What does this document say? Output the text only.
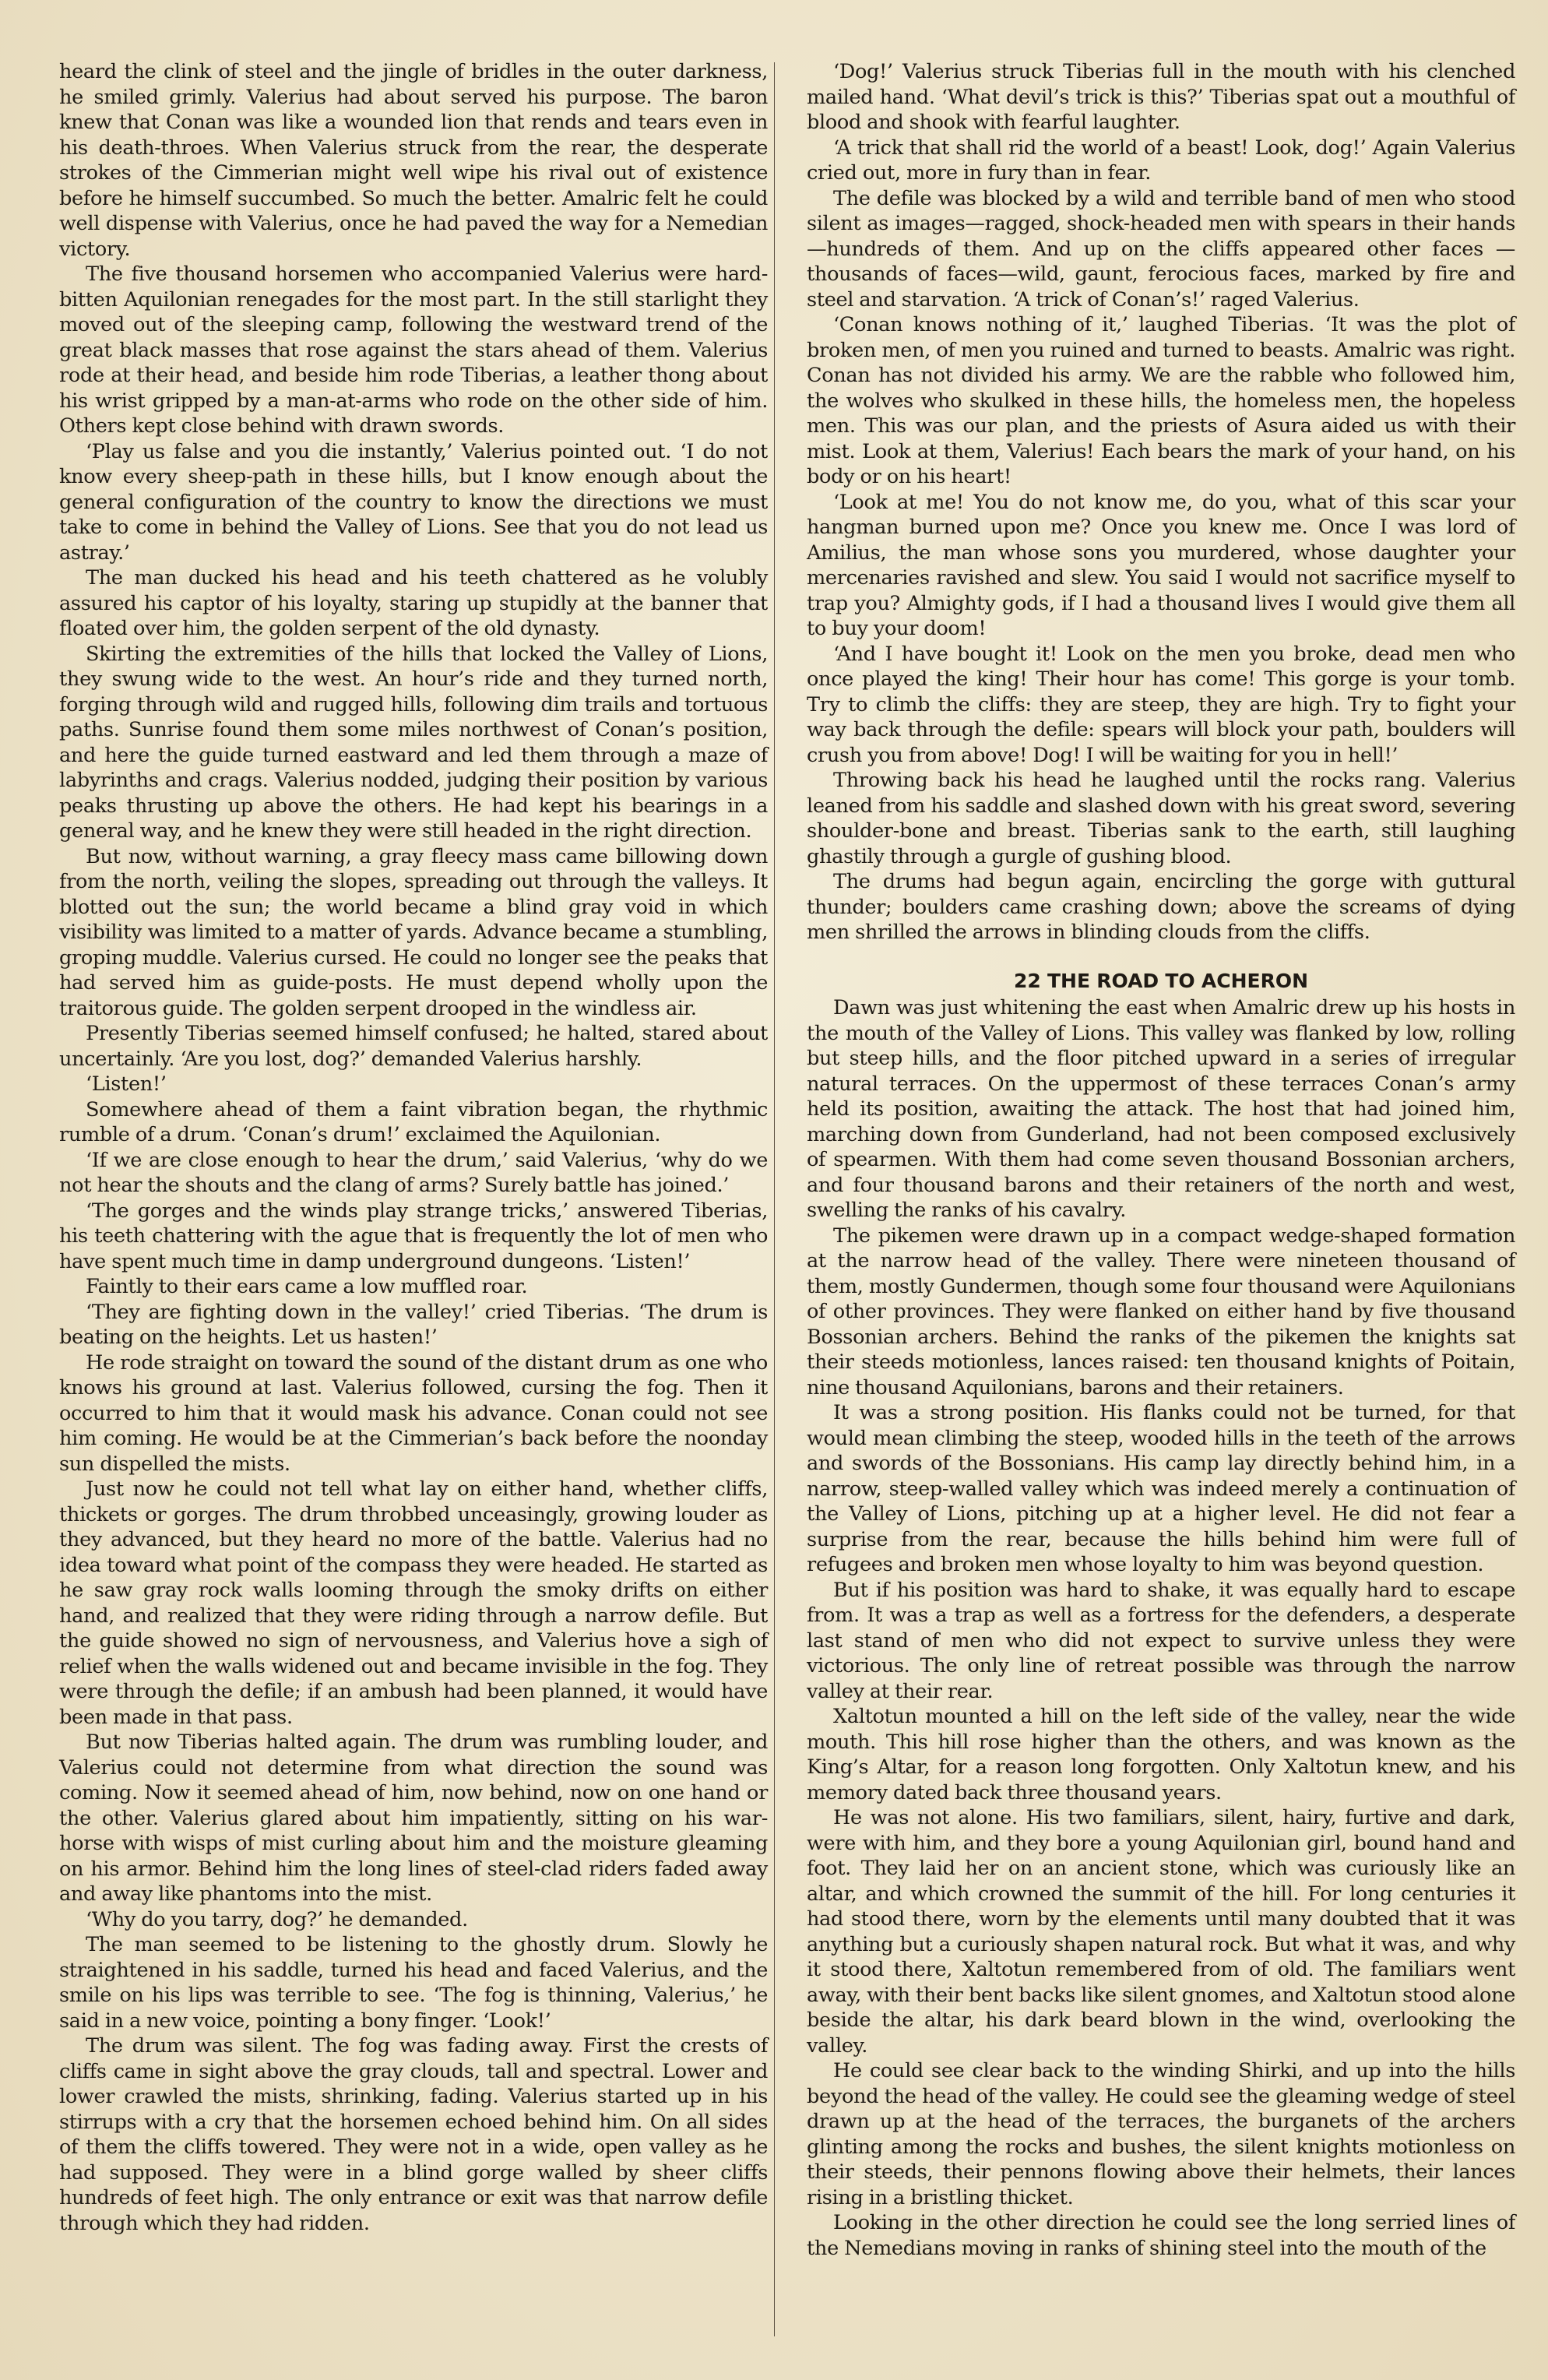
heard the clink of steel and the jingle of bridles in the outer darkness, he smiled grimly. Valerius had about served his purpose. The baron knew that Conan was like a wounded lion that rends and tears even in his death-throes. When Valerius struck from the rear, the desperate strokes of the Cimmerian might well wipe his rival out of existence before he himself succumbed. So much the better. Amalric felt he could well dispense with Valerius, once he had paved the way for a Nemedian victory.

The five thousand horsemen who accompanied Valerius were hard-bitten Aquilonian renegades for the most part. In the still starlight they moved out of the sleeping camp, following the westward trend of the great black masses that rose against the stars ahead of them. Valerius rode at their head, and beside him rode Tiberias, a leather thong about his wrist gripped by a man-at-arms who rode on the other side of him. Others kept close behind with drawn swords.

‘Play us false and you die instantly,’ Valerius pointed out. ‘I do not know every sheep-path in these hills, but I know enough about the general configuration of the country to know the directions we must take to come in behind the Valley of Lions. See that you do not lead us astray.’

The man ducked his head and his teeth chattered as he volubly assured his captor of his loyalty, staring up stupidly at the banner that floated over him, the golden serpent of the old dynasty.

Skirting the extremities of the hills that locked the Valley of Lions, they swung wide to the west. An hour’s ride and they turned north, forging through wild and rugged hills, following dim trails and tortuous paths. Sunrise found them some miles northwest of Conan’s position, and here the guide turned eastward and led them through a maze of labyrinths and crags. Valerius nodded, judging their position by various peaks thrusting up above the others. He had kept his bearings in a general way, and he knew they were still headed in the right direction.

But now, without warning, a gray fleecy mass came billowing down from the north, veiling the slopes, spreading out through the valleys. It blotted out the sun; the world became a blind gray void in which visibility was limited to a matter of yards. Advance became a stumbling, groping muddle. Valerius cursed. He could no longer see the peaks that had served him as guide-posts. He must depend wholly upon the traitorous guide. The golden serpent drooped in the windless air.

Presently Tiberias seemed himself confused; he halted, stared about uncertainly. ‘Are you lost, dog?’ demanded Valerius harshly.

‘Listen!’

Somewhere ahead of them a faint vibration began, the rhythmic rumble of a drum. ‘Conan’s drum!’ exclaimed the Aquilonian.

‘If we are close enough to hear the drum,’ said Valerius, ‘why do we not hear the shouts and the clang of arms? Surely battle has joined.’

‘The gorges and the winds play strange tricks,’ answered Tiberias, his teeth chattering with the ague that is frequently the lot of men who have spent much time in damp underground dungeons. ‘Listen!’

Faintly to their ears came a low muffled roar.

‘They are fighting down in the valley!’ cried Tiberias. ‘The drum is beating on the heights. Let us hasten!’

He rode straight on toward the sound of the distant drum as one who knows his ground at last. Valerius followed, cursing the fog. Then it occurred to him that it would mask his advance. Conan could not see him coming. He would be at the Cimmerian’s back before the noonday sun dispelled the mists.

Just now he could not tell what lay on either hand, whether cliffs, thickets or gorges. The drum throbbed unceasingly, growing louder as they advanced, but they heard no more of the battle. Valerius had no idea toward what point of the compass they were headed. He started as he saw gray rock walls looming through the smoky drifts on either hand, and realized that they were riding through a narrow defile. But the guide showed no sign of nervousness, and Valerius hove a sigh of relief when the walls widened out and became invisible in the fog. They were through the defile; if an ambush had been planned, it would have been made in that pass.

But now Tiberias halted again. The drum was rumbling louder, and Valerius could not determine from what direction the sound was coming. Now it seemed ahead of him, now behind, now on one hand or the other. Valerius glared about him impatiently, sitting on his war-horse with wisps of mist curling about him and the moisture gleaming on his armor. Behind him the long lines of steel-clad riders faded away and away like phantoms into the mist.

‘Why do you tarry, dog?’ he demanded.

The man seemed to be listening to the ghostly drum. Slowly he straightened in his saddle, turned his head and faced Valerius, and the smile on his lips was terrible to see. ‘The fog is thinning, Valerius,’ he said in a new voice, pointing a bony finger. ‘Look!’

The drum was silent. The fog was fading away. First the crests of cliffs came in sight above the gray clouds, tall and spectral. Lower and lower crawled the mists, shrinking, fading. Valerius started up in his stirrups with a cry that the horsemen echoed behind him. On all sides of them the cliffs towered. They were not in a wide, open valley as he had supposed. They were in a blind gorge walled by sheer cliffs hundreds of feet high. The only entrance or exit was that narrow defile through which they had ridden.

‘Dog!’ Valerius struck Tiberias full in the mouth with his clenched mailed hand. ‘What devil’s trick is this?’ Tiberias spat out a mouthful of blood and shook with fearful laughter.

‘A trick that shall rid the world of a beast! Look, dog!’ Again Valerius cried out, more in fury than in fear.

The defile was blocked by a wild and terrible band of men who stood silent as images—ragged, shock-headed men with spears in their hands—hundreds of them. And up on the cliffs appeared other faces —thousands of faces—wild, gaunt, ferocious faces, marked by fire and steel and starvation. ‘A trick of Conan’s!’ raged Valerius.

‘Conan knows nothing of it,’ laughed Tiberias. ‘It was the plot of broken men, of men you ruined and turned to beasts. Amalric was right. Conan has not divided his army. We are the rabble who followed him, the wolves who skulked in these hills, the homeless men, the hopeless men. This was our plan, and the priests of Asura aided us with their mist. Look at them, Valerius! Each bears the mark of your hand, on his body or on his heart!

‘Look at me! You do not know me, do you, what of this scar your hangman burned upon me? Once you knew me. Once I was lord of Amilius, the man whose sons you murdered, whose daughter your mercenaries ravished and slew. You said I would not sacrifice myself to trap you? Almighty gods, if I had a thousand lives I would give them all to buy your doom!

‘And I have bought it! Look on the men you broke, dead men who once played the king! Their hour has come! This gorge is your tomb. Try to climb the cliffs: they are steep, they are high. Try to fight your way back through the defile: spears will block your path, boulders will crush you from above! Dog! I will be waiting for you in hell!’

Throwing back his head he laughed until the rocks rang. Valerius leaned from his saddle and slashed down with his great sword, severing shoulder-bone and breast. Tiberias sank to the earth, still laughing ghastily through a gurgle of gushing blood.

The drums had begun again, encircling the gorge with guttural thunder; boulders came crashing down; above the screams of dying men shrilled the arrows in blinding clouds from the cliffs.

22 THE ROAD TO ACHERON

Dawn was just whitening the east when Amalric drew up his hosts in the mouth of the Valley of Lions. This valley was flanked by low, rolling but steep hills, and the floor pitched upward in a series of irregular natural terraces. On the uppermost of these terraces Conan’s army held its position, awaiting the attack. The host that had joined him, marching down from Gunderland, had not been composed exclusively of spearmen. With them had come seven thousand Bossonian archers, and four thousand barons and their retainers of the north and west, swelling the ranks of his cavalry.

The pikemen were drawn up in a compact wedge-shaped formation at the narrow head of the valley. There were nineteen thousand of them, mostly Gundermen, though some four thousand were Aquilonians of other provinces. They were flanked on either hand by five thousand Bossonian archers. Behind the ranks of the pikemen the knights sat their steeds motionless, lances raised: ten thousand knights of Poitain, nine thousand Aquilonians, barons and their retainers.

It was a strong position. His flanks could not be turned, for that would mean climbing the steep, wooded hills in the teeth of the arrows and swords of the Bossonians. His camp lay directly behind him, in a narrow, steep-walled valley which was indeed merely a continuation of the Valley of Lions, pitching up at a higher level. He did not fear a surprise from the rear, because the hills behind him were full of refugees and broken men whose loyalty to him was beyond question.

But if his position was hard to shake, it was equally hard to escape from. It was a trap as well as a fortress for the defenders, a desperate last stand of men who did not expect to survive unless they were victorious. The only line of retreat possible was through the narrow valley at their rear.

Xaltotun mounted a hill on the left side of the valley, near the wide mouth. This hill rose higher than the others, and was known as the King’s Altar, for a reason long forgotten. Only Xaltotun knew, and his memory dated back three thousand years.

He was not alone. His two familiars, silent, hairy, furtive and dark, were with him, and they bore a young Aquilonian girl, bound hand and foot. They laid her on an ancient stone, which was curiously like an altar, and which crowned the summit of the hill. For long centuries it had stood there, worn by the elements until many doubted that it was anything but a curiously shapen natural rock. But what it was, and why it stood there, Xaltotun remembered from of old. The familiars went away, with their bent backs like silent gnomes, and Xaltotun stood alone beside the altar, his dark beard blown in the wind, overlooking the valley.

He could see clear back to the winding Shirki, and up into the hills beyond the head of the valley. He could see the gleaming wedge of steel drawn up at the head of the terraces, the burganets of the archers glinting among the rocks and bushes, the silent knights motionless on their steeds, their pennons flowing above their helmets, their lances rising in a bristling thicket.

Looking in the other direction he could see the long serried lines of the Nemedians moving in ranks of shining steel into the mouth of the
